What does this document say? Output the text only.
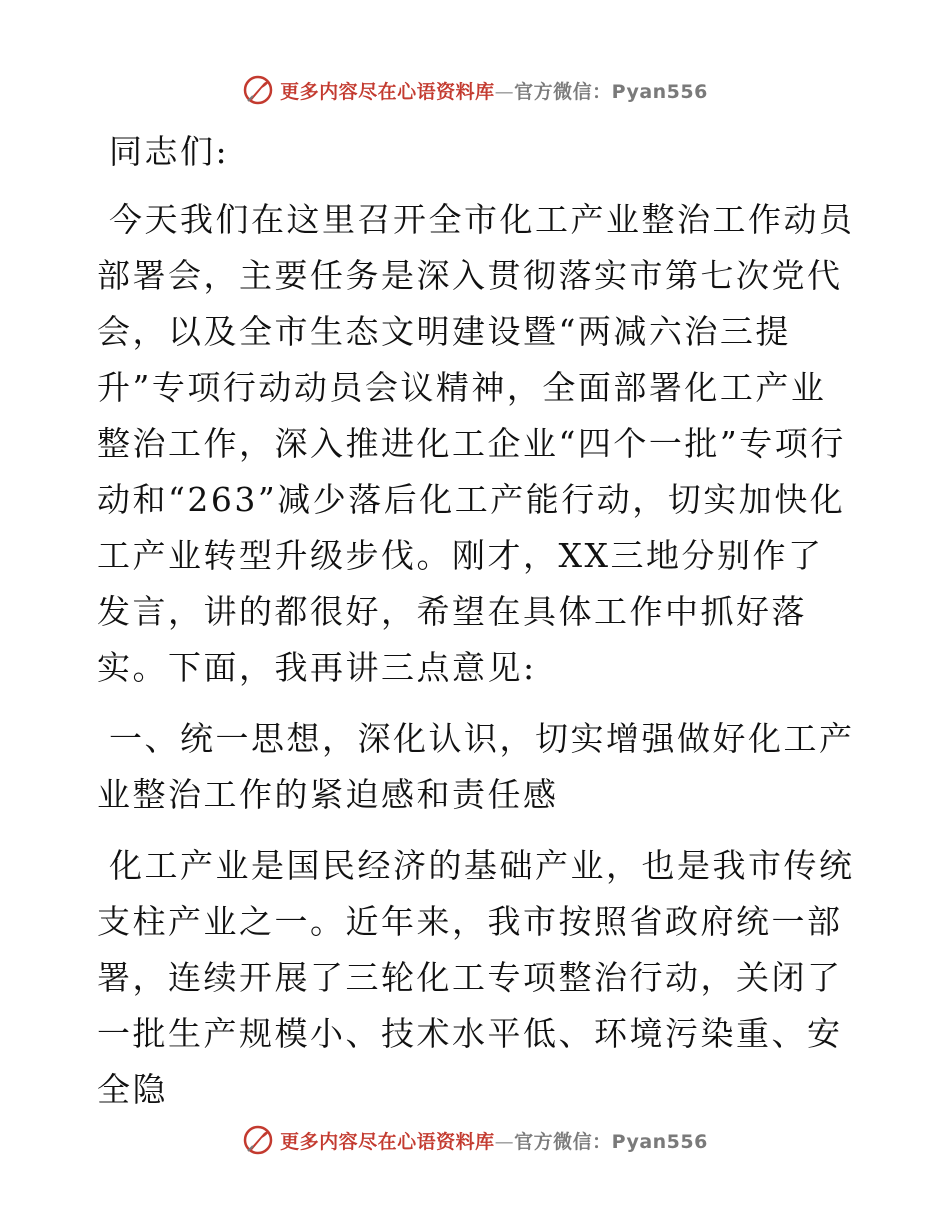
更多内容尽在心语资料库—官方微信：Pyan556

同志们:

今天我们在这里召开全市化工产业整治工作动员部署会，主要任务是深入贯彻落实市第七次党代会，以及全市生态文明建设暨“两减六治三提升”专项行动动员会议精神，全面部署化工产业整治工作，深入推进化工企业“四个一批”专项行动和“263”减少落后化工产能行动，切实加快化工产业转型升级步伐。刚才，XX三地分别作了发言，讲的都很好，希望在具体工作中抓好落实。下面，我再讲三点意见:

一、统一思想，深化认识，切实增强做好化工产业整治工作的紧迫感和责任感

化工产业是国民经济的基础产业，也是我市传统支柱产业之一。近年来，我市按照省政府统一部署，连续开展了三轮化工专项整治行动，关闭了一批生产规模小、技术水平低、环境污染重、安全隐

更多内容尽在心语资料库—官方微信：Pyan556
